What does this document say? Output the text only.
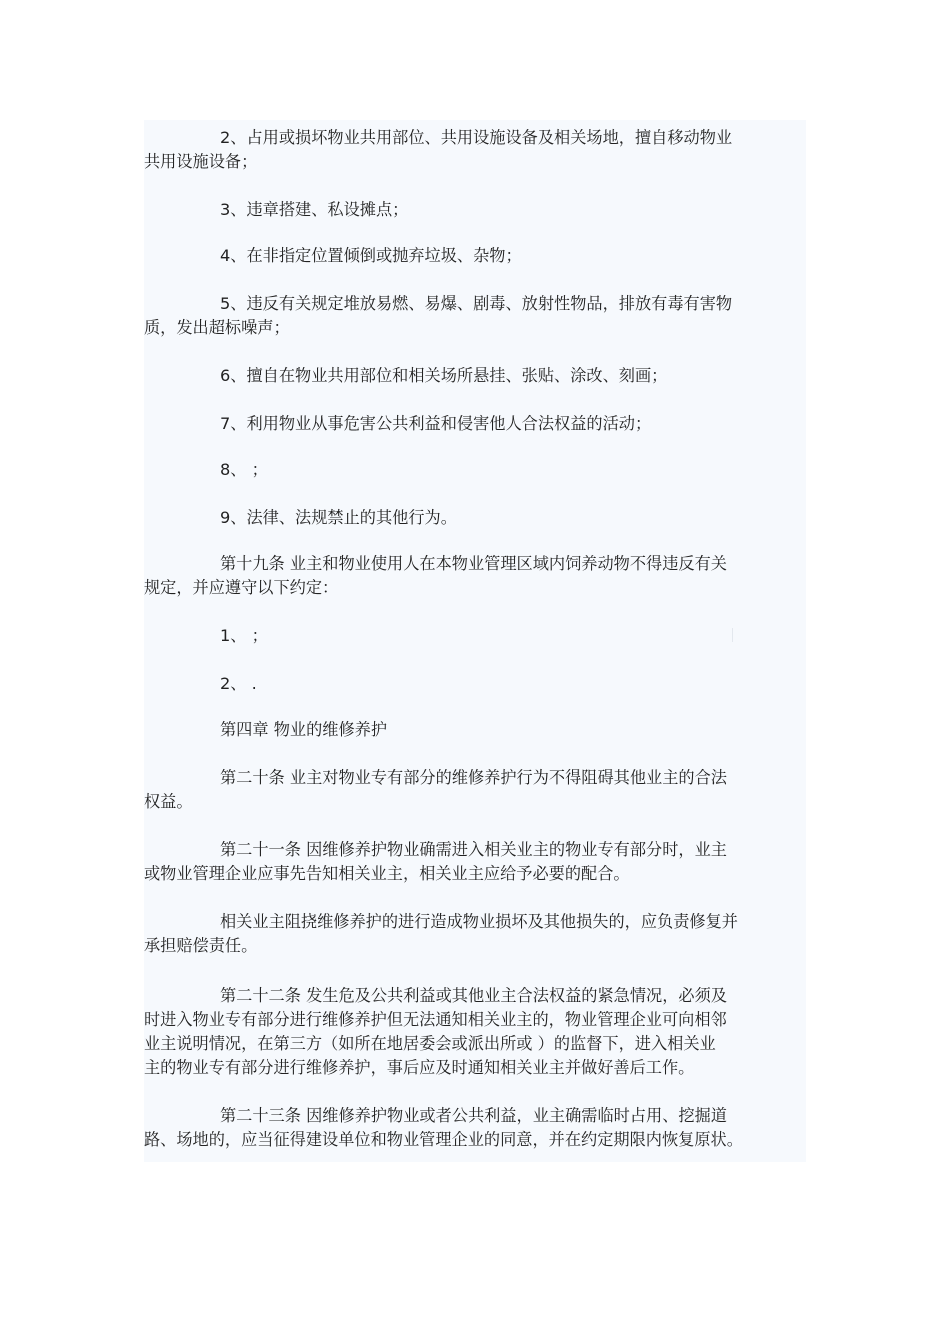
2、占用或损坏物业共用部位、共用设施设备及相关场地，擅自移动物业
共用设施设备；

3、违章搭建、私设摊点；

4、在非指定位置倾倒或抛弃垃圾、杂物；

5、违反有关规定堆放易燃、易爆、剧毒、放射性物品，排放有毒有害物
质，发出超标噪声；

6、擅自在物业共用部位和相关场所悬挂、张贴、涂改、刻画；

7、利用物业从事危害公共利益和侵害他人合法权益的活动；

8、 ；

9、法律、法规禁止的其他行为。

第十九条 业主和物业使用人在本物业管理区域内饲养动物不得违反有关
规定，并应遵守以下约定：

1、 ；

2、 .

第四章 物业的维修养护

第二十条 业主对物业专有部分的维修养护行为不得阻碍其他业主的合法
权益。

第二十一条 因维修养护物业确需进入相关业主的物业专有部分时，业主
或物业管理企业应事先告知相关业主，相关业主应给予必要的配合。

相关业主阻挠维修养护的进行造成物业损坏及其他损失的，应负责修复并
承担赔偿责任。

第二十二条 发生危及公共利益或其他业主合法权益的紧急情况，必须及
时进入物业专有部分进行维修养护但无法通知相关业主的，物业管理企业可向相邻
业主说明情况，在第三方（如所在地居委会或派出所或 ）的监督下，进入相关业
主的物业专有部分进行维修养护，事后应及时通知相关业主并做好善后工作。

第二十三条 因维修养护物业或者公共利益，业主确需临时占用、挖掘道
路、场地的，应当征得建设单位和物业管理企业的同意，并在约定期限内恢复原状。
